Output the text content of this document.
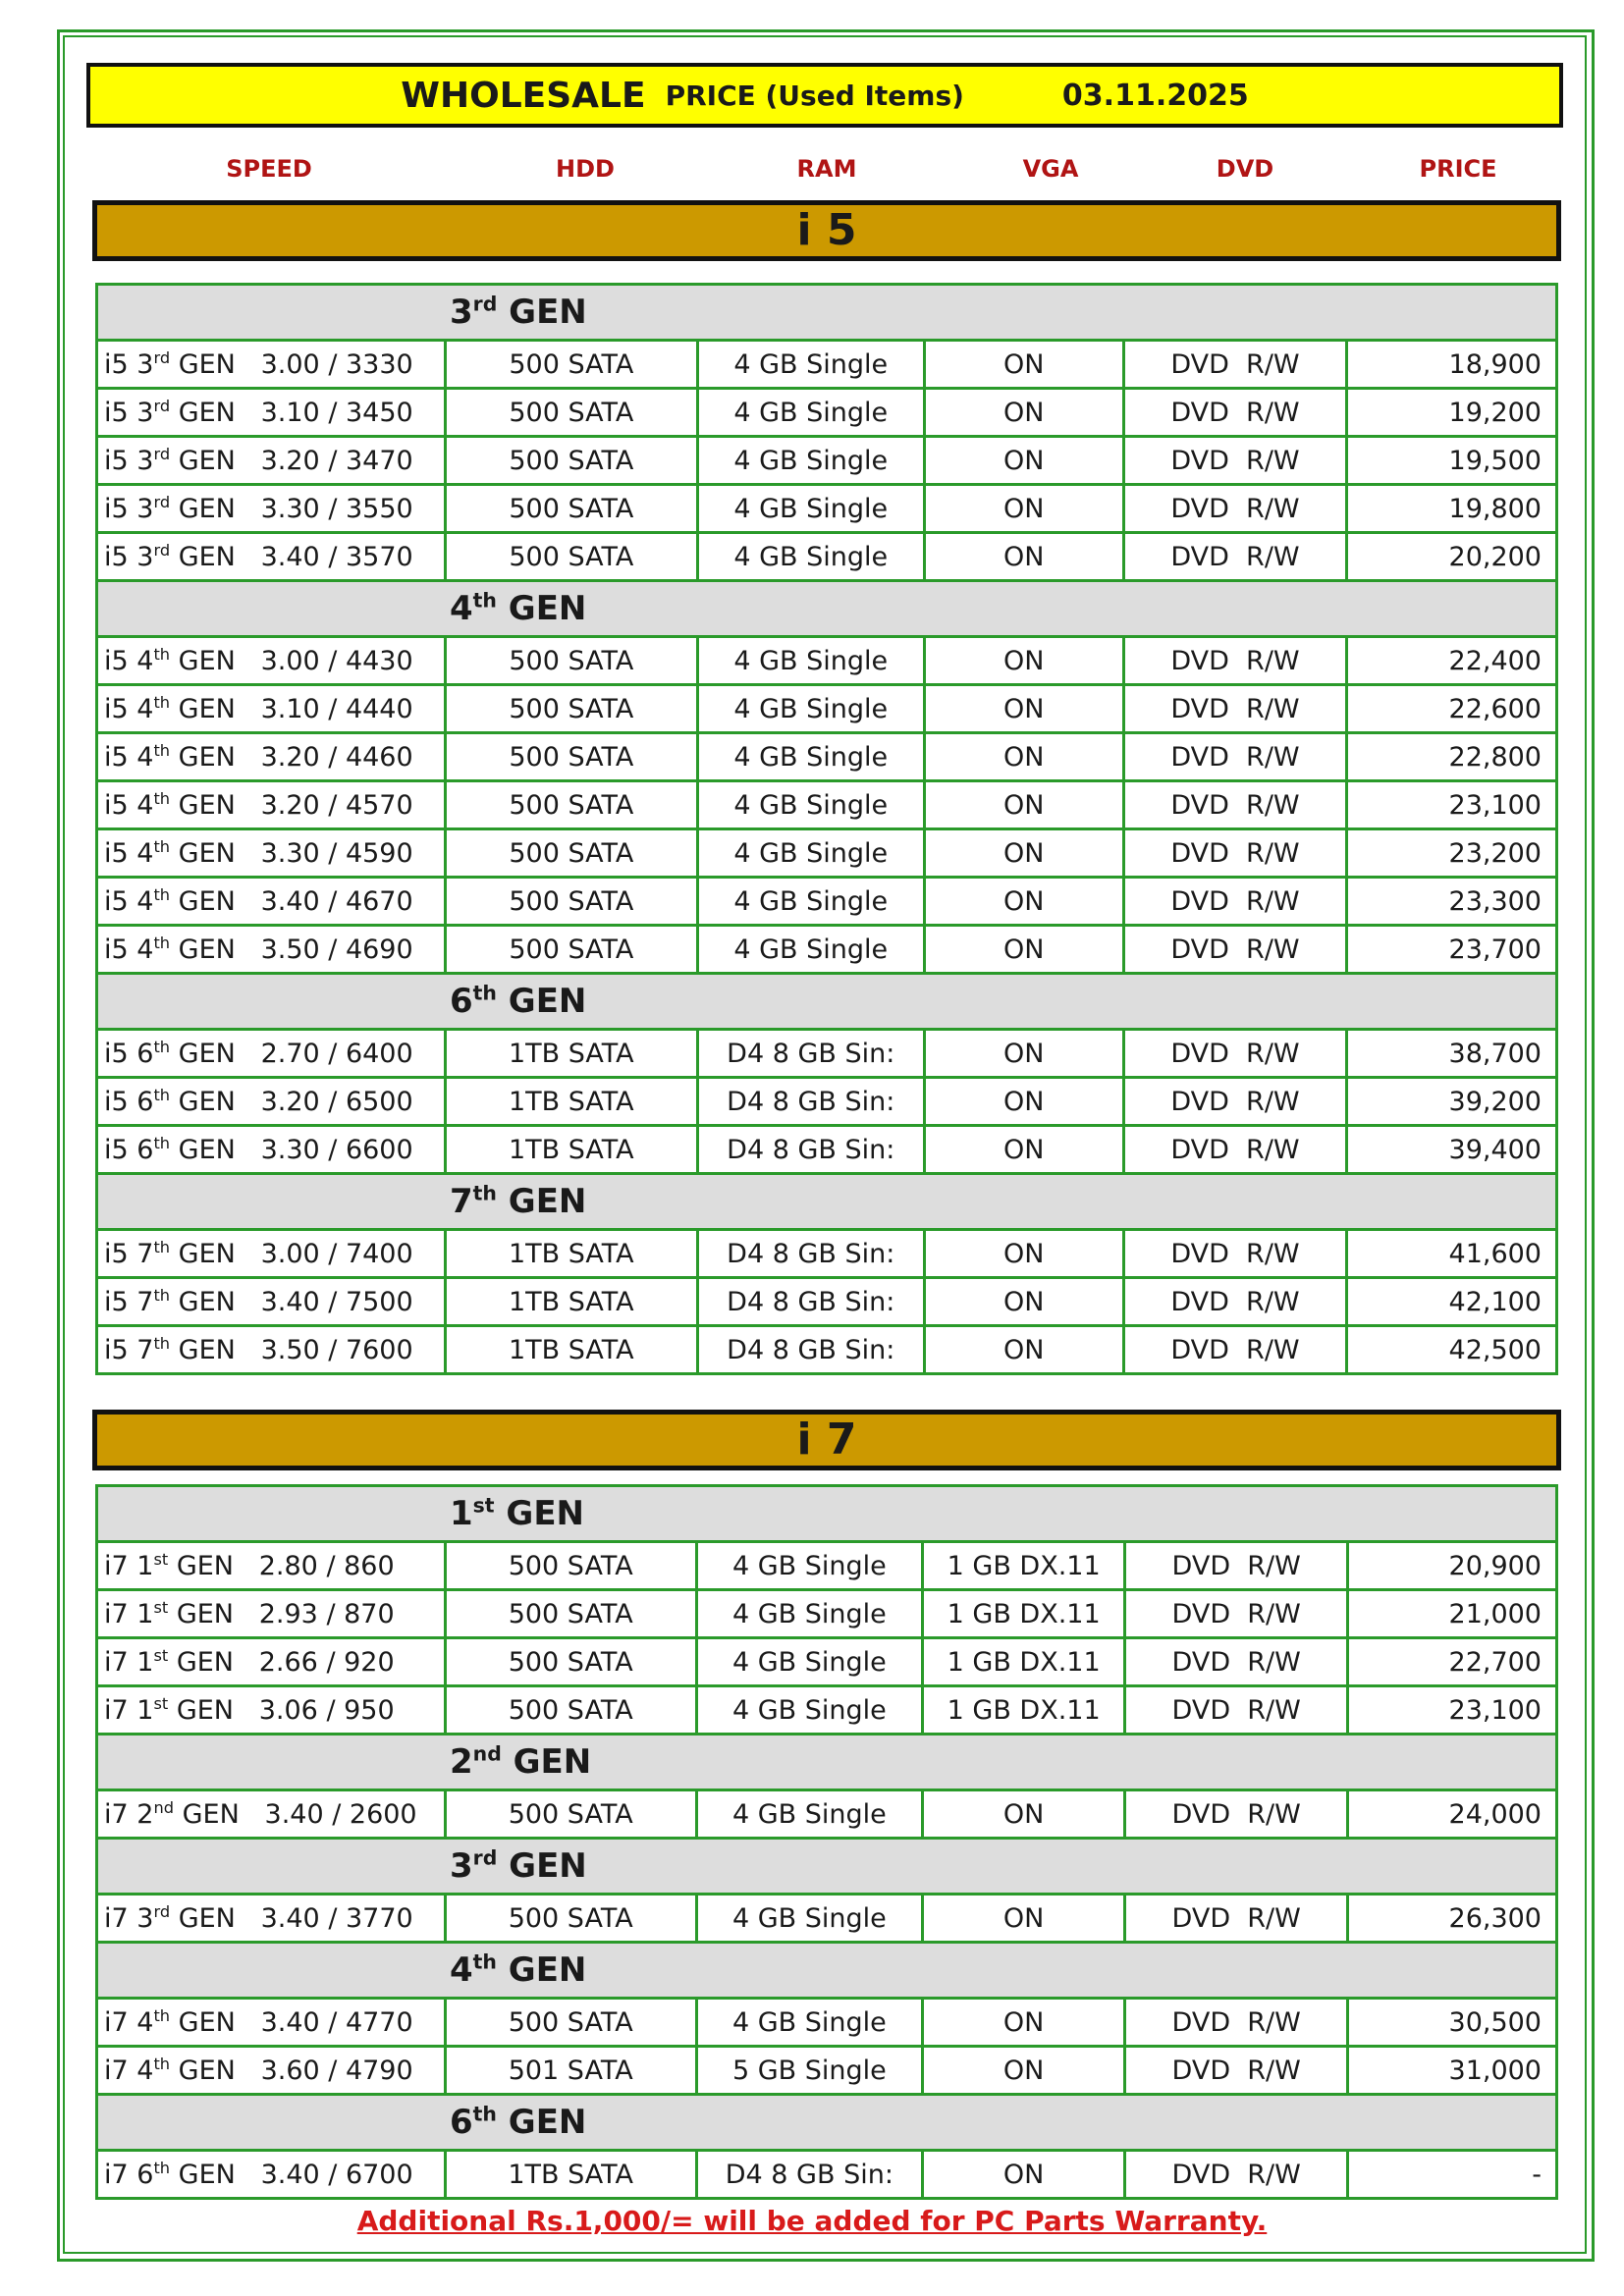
WHOLESALE PRICE (Used Items)	03.11.2025
SPEED	HDD	RAM	VGA	DVD	PRICE
i 5
3rd GEN					
i5 3rd GEN   3.00 / 3330	500 SATA	4 GB Single	ON	DVD  R/W	18,900
i5 3rd GEN   3.10 / 3450	500 SATA	4 GB Single	ON	DVD  R/W	19,200
i5 3rd GEN   3.20 / 3470	500 SATA	4 GB Single	ON	DVD  R/W	19,500
i5 3rd GEN   3.30 / 3550	500 SATA	4 GB Single	ON	DVD  R/W	19,800
i5 3rd GEN   3.40 / 3570	500 SATA	4 GB Single	ON	DVD  R/W	20,200
4th GEN					
i5 4th GEN   3.00 / 4430	500 SATA	4 GB Single	ON	DVD  R/W	22,400
i5 4th GEN   3.10 / 4440	500 SATA	4 GB Single	ON	DVD  R/W	22,600
i5 4th GEN   3.20 / 4460	500 SATA	4 GB Single	ON	DVD  R/W	22,800
i5 4th GEN   3.20 / 4570	500 SATA	4 GB Single	ON	DVD  R/W	23,100
i5 4th GEN   3.30 / 4590	500 SATA	4 GB Single	ON	DVD  R/W	23,200
i5 4th GEN   3.40 / 4670	500 SATA	4 GB Single	ON	DVD  R/W	23,300
i5 4th GEN   3.50 / 4690	500 SATA	4 GB Single	ON	DVD  R/W	23,700
6th GEN					
i5 6th GEN   2.70 / 6400	1TB SATA	D4 8 GB Sin:	ON	DVD  R/W	38,700
i5 6th GEN   3.20 / 6500	1TB SATA	D4 8 GB Sin:	ON	DVD  R/W	39,200
i5 6th GEN   3.30 / 6600	1TB SATA	D4 8 GB Sin:	ON	DVD  R/W	39,400
7th GEN					
i5 7th GEN   3.00 / 7400	1TB SATA	D4 8 GB Sin:	ON	DVD  R/W	41,600
i5 7th GEN   3.40 / 7500	1TB SATA	D4 8 GB Sin:	ON	DVD  R/W	42,100
i5 7th GEN   3.50 / 7600	1TB SATA	D4 8 GB Sin:	ON	DVD  R/W	42,500
i 7
1st GEN					
i7 1st GEN   2.80 / 860	500 SATA	4 GB Single	1 GB DX.11	DVD  R/W	20,900
i7 1st GEN   2.93 / 870	500 SATA	4 GB Single	1 GB DX.11	DVD  R/W	21,000
i7 1st GEN   2.66 / 920	500 SATA	4 GB Single	1 GB DX.11	DVD  R/W	22,700
i7 1st GEN   3.06 / 950	500 SATA	4 GB Single	1 GB DX.11	DVD  R/W	23,100
2nd GEN					
i7 2nd GEN   3.40 / 2600	500 SATA	4 GB Single	ON	DVD  R/W	24,000
3rd GEN					
i7 3rd GEN   3.40 / 3770	500 SATA	4 GB Single	ON	DVD  R/W	26,300
4th GEN					
i7 4th GEN   3.40 / 4770	500 SATA	4 GB Single	ON	DVD  R/W	30,500
i7 4th GEN   3.60 / 4790	501 SATA	5 GB Single	ON	DVD  R/W	31,000
6th GEN					
i7 6th GEN   3.40 / 6700	1TB SATA	D4 8 GB Sin:	ON	DVD  R/W	-
Additional Rs.1,000/= will be added for PC Parts Warranty.
